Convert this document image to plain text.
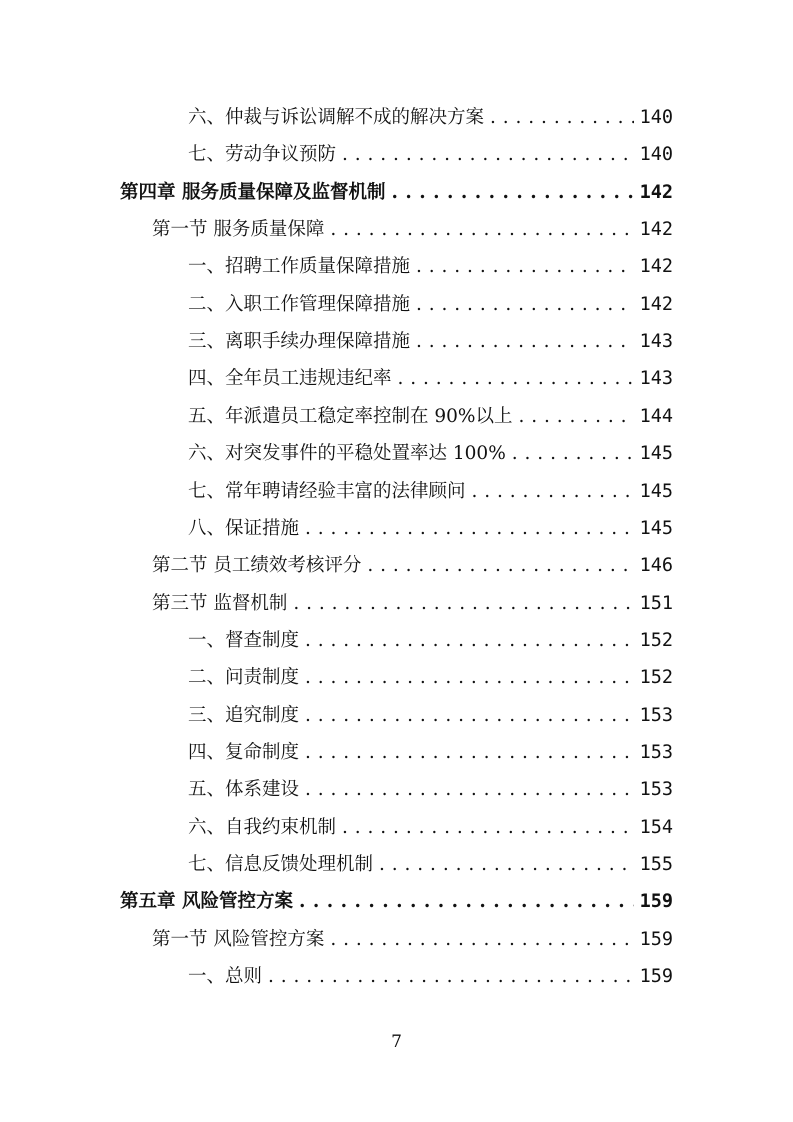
六、仲裁与诉讼调解不成的解决方案 . . .	140
七、劳动争议预防 . . .	140
第四章 服务质量保障及监督机制 . . .	142
第一节 服务质量保障 . . .	142
一、招聘工作质量保障措施 . . .	142
二、入职工作管理保障措施 . . .	142
三、离职手续办理保障措施 . . .	143
四、全年员工违规违纪率 . . .	143
五、年派遣员工稳定率控制在 90%以上 . . .	144
六、对突发事件的平稳处置率达 100% . . .	145
七、常年聘请经验丰富的法律顾问 . . .	145
八、保证措施 . . .	145
第二节 员工绩效考核评分 . . .	146
第三节 监督机制 . . .	151
一、督查制度 . . .	152
二、问责制度 . . .	152
三、追究制度 . . .	153
四、复命制度 . . .	153
五、体系建设 . . .	153
六、自我约束机制 . . .	154
七、信息反馈处理机制 . . .	155
第五章 风险管控方案 . . .	159
第一节 风险管控方案 . . .	159
一、总则 . . .	159
7
